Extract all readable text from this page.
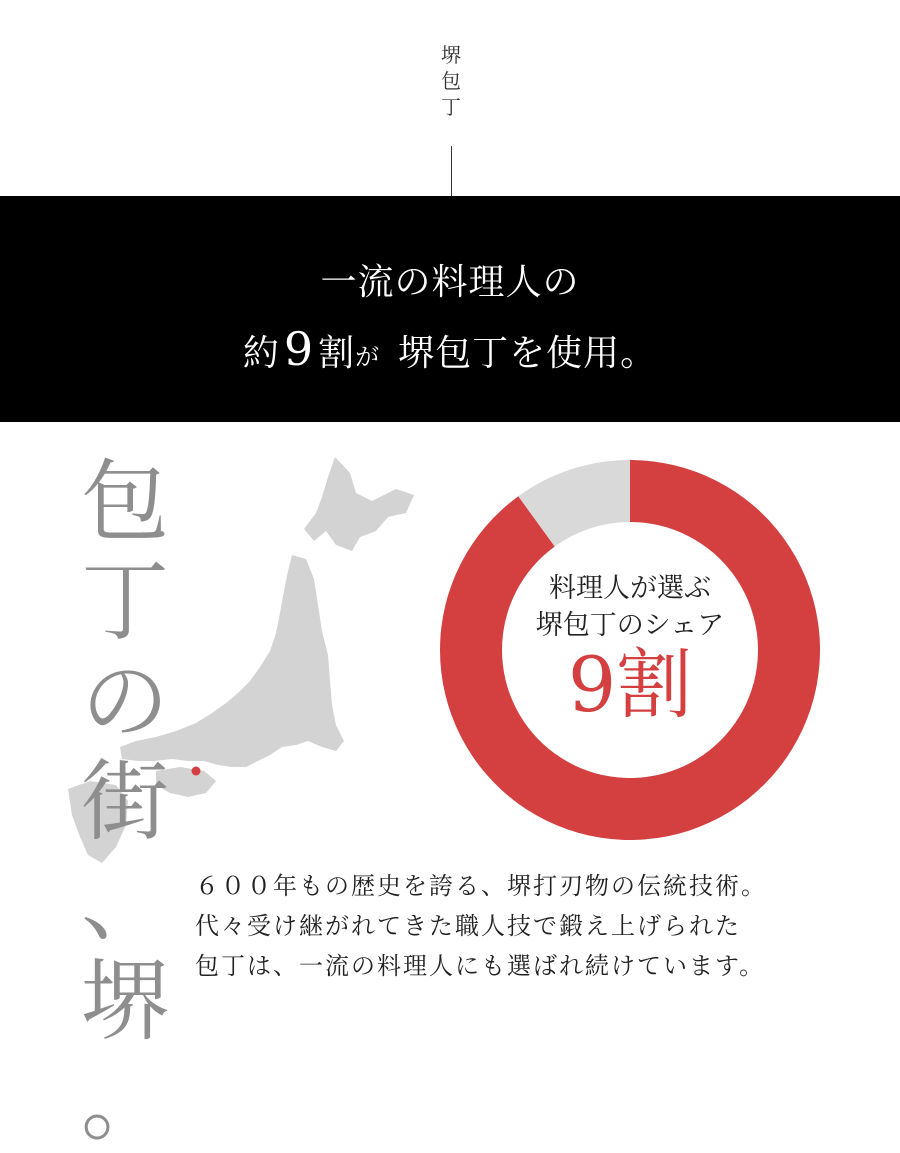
堺
包
丁
一流の料理人の
約9 割が 堺包丁を使用。
包
丁
の
街
、
堺
。
料理人が選ぶ
堺包丁のシェア
9割
６００年もの歴史を誇る、堺打刃物の伝統技術。
代々受け継がれてきた職人技で鍛え上げられた
包丁は、一流の料理人にも選ばれ続けています。
